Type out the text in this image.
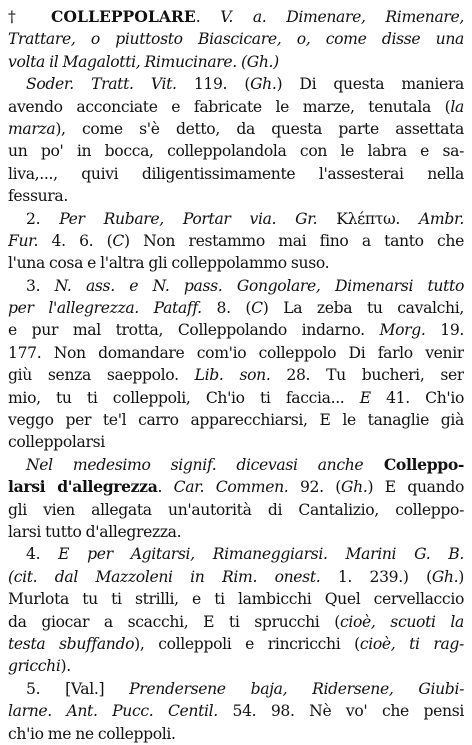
† COLLEPPOLARE. V. a. Dimenare, Rimenare,
Trattare, o piuttosto Biascicare, o, come disse una
volta il Magalotti, Rimucinare. (Gh.)
Soder. Tratt. Vit. 119. (Gh.) Di questa maniera
avendo acconciate e fabricate le marze, tenutala (la
marza), come s'è detto, da questa parte assettata
un po' in bocca, colleppolandola con le labra e sa-
liva,..., quivi diligentissimamente l'assesterai nella
fessura.
2. Per Rubare, Portar via. Gr. Κλέπτω. Ambr.
Fur. 4. 6. (C) Non restammo mai fino a tanto che
l'una cosa e l'altra gli colleppolammo suso.
3. N. ass. e N. pass. Gongolare, Dimenarsi tutto
per l'allegrezza. Pataff. 8. (C) La zeba tu cavalchi,
e pur mal trotta, Colleppolando indarno. Morg. 19.
177. Non domandare com'io colleppolo Di farlo venir
giù senza saeppolo. Lib. son. 28. Tu bucheri, ser
mio, tu ti colleppoli, Ch'io ti faccia... E 41. Ch'io
veggo per te'l carro apparecchiarsi, E le tanaglie già
colleppolarsi
Nel medesimo signif. dicevasi anche Colleppo-
larsi d'allegrezza. Car. Commen. 92. (Gh.) E quando
gli vien allegata un'autorità di Cantalizio, colleppo-
larsi tutto d'allegrezza.
4. E per Agitarsi, Rimaneggiarsi. Marini G. B.
(cit. dal Mazzoleni in Rim. onest. 1. 239.) (Gh.)
Murlota tu ti strilli, e ti lambicchi Quel cervellaccio
da giocar a scacchi, E ti sprucchi (cioè, scuoti la
testa sbuffando), colleppoli e rincricchi (cioè, ti rag-
gricchi).
5. [Val.] Prendersene baja, Ridersene, Giubi-
larne. Ant. Pucc. Centil. 54. 98. Nè vo' che pensi
ch'io me ne colleppoli.
